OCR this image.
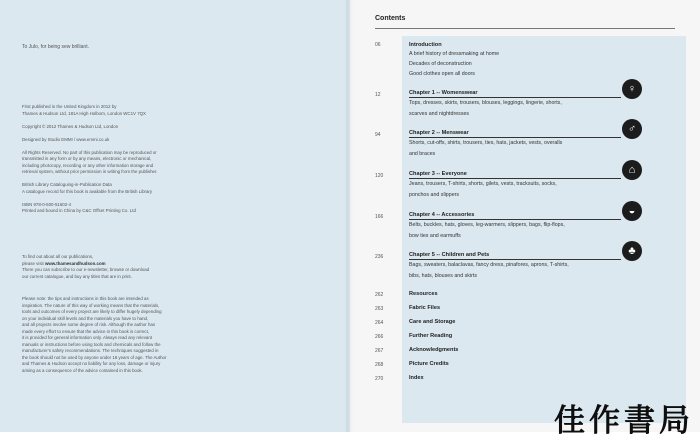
To Julo, for being sew brilliant.
First published in the United Kingdom in 2012 by
Thames & Hudson Ltd, 181A High Holborn, London WC1V 7QX

Copyright © 2012 Thames & Hudson Ltd, London

Designed by Studio EMMI / www.emmi.co.uk

All Rights Reserved. No part of this publication may be reproduced or
transmitted in any form or by any means, electronic or mechanical,
including photocopy, recording or any other information storage and
retrieval system, without prior permission in writing from the publisher.

British Library Cataloguing-in-Publication Data
A catalogue record for this book is available from the British Library

ISBN 978-0-500-51602-4
Printed and bound in China by C&C Offset Printing Co. Ltd
To find out about all our publications,
please visit www.thamesandhudson.com
There you can subscribe to our e-newsletter, browse or download
our current catalogue, and buy any titles that are in print.
Please note: the tips and instructions in this book are intended as
inspiration. The nature of this way of working means that the materials,
tools and outcomes of every project are likely to differ hugely depending
on your individual skill levels and the materials you have to hand,
and all projects involve some degree of risk. Although the author has
made every effort to ensure that the advice in this book is correct,
it is provided for general information only. Always read any relevant
manuals or instructions before using tools and chemicals and follow the
manufacturer's safety recommendations. The techniques suggested in
the book should not be used by anyone under 18 years of age. The Author
and Thames & Hudson accept no liability for any loss, damage or injury
arising as a consequence of the advice contained in this book.
Contents
06	Introduction
A brief history of dressmaking at home
Decades of deconstruction
Good clothes open all doors
12	Chapter 1 -- Womenswear
Tops, dresses, skirts, trousers, blouses, leggings, lingerie, shorts,
scarves and nightdresses
♀
94	Chapter 2 -- Menswear
Shorts, cut-offs, shirts, trousers, ties, hats, jackets, vests, overalls
and braces
♂
120	Chapter 3 -- Everyone
Jeans, trousers, T-shirts, shorts, gilets, vests, tracksuits, socks,
ponchos and slippers
⌂
166	Chapter 4 -- Accessories
Belts, buckles, hats, gloves, leg-warmers, slippers, bags, flip-flops,
bow ties and earmuffs
◒
236	Chapter 5 -- Children and Pets
Bags, sweaters, balaclavas, fancy dress, pinafores, aprons, T-shirts,
bibs, hats, blouses and skirts
♣
262	Resources
263	Fabric Files
264	Care and Storage
266	Further Reading
267	Acknowledgments
268	Picture Credits
270	Index
佳作書局
